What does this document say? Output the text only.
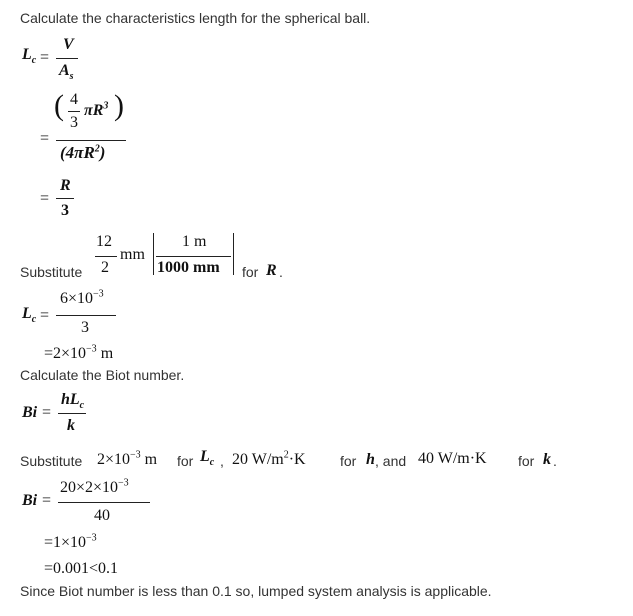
Calculate the characteristics length for the spherical ball.
$L_c$ =
V
$A_s$
( 4
3
$\pi R^3$ )
=
$(4\pi R^2)$
=
R
3
Substitute
12
2
mm
1 m
1000 mm for R .
$L_c$ =
$6\times 10^{-3}$
3
$=2\times 10^{-3}$ m
Calculate the Biot number.
Bi =
$hL_c$
k
Substitute $2\times 10^{-3}$ m for $L_c$ , 20 $W/m^2\cdot K$ for h , and 40 W/m·K for k .
Bi =
$20\times 2\times 10^{-3}$
40
$=1\times 10^{-3}$
=0.001<0.1
Since Biot number is less than 0.1 so, lumped system analysis is applicable.
